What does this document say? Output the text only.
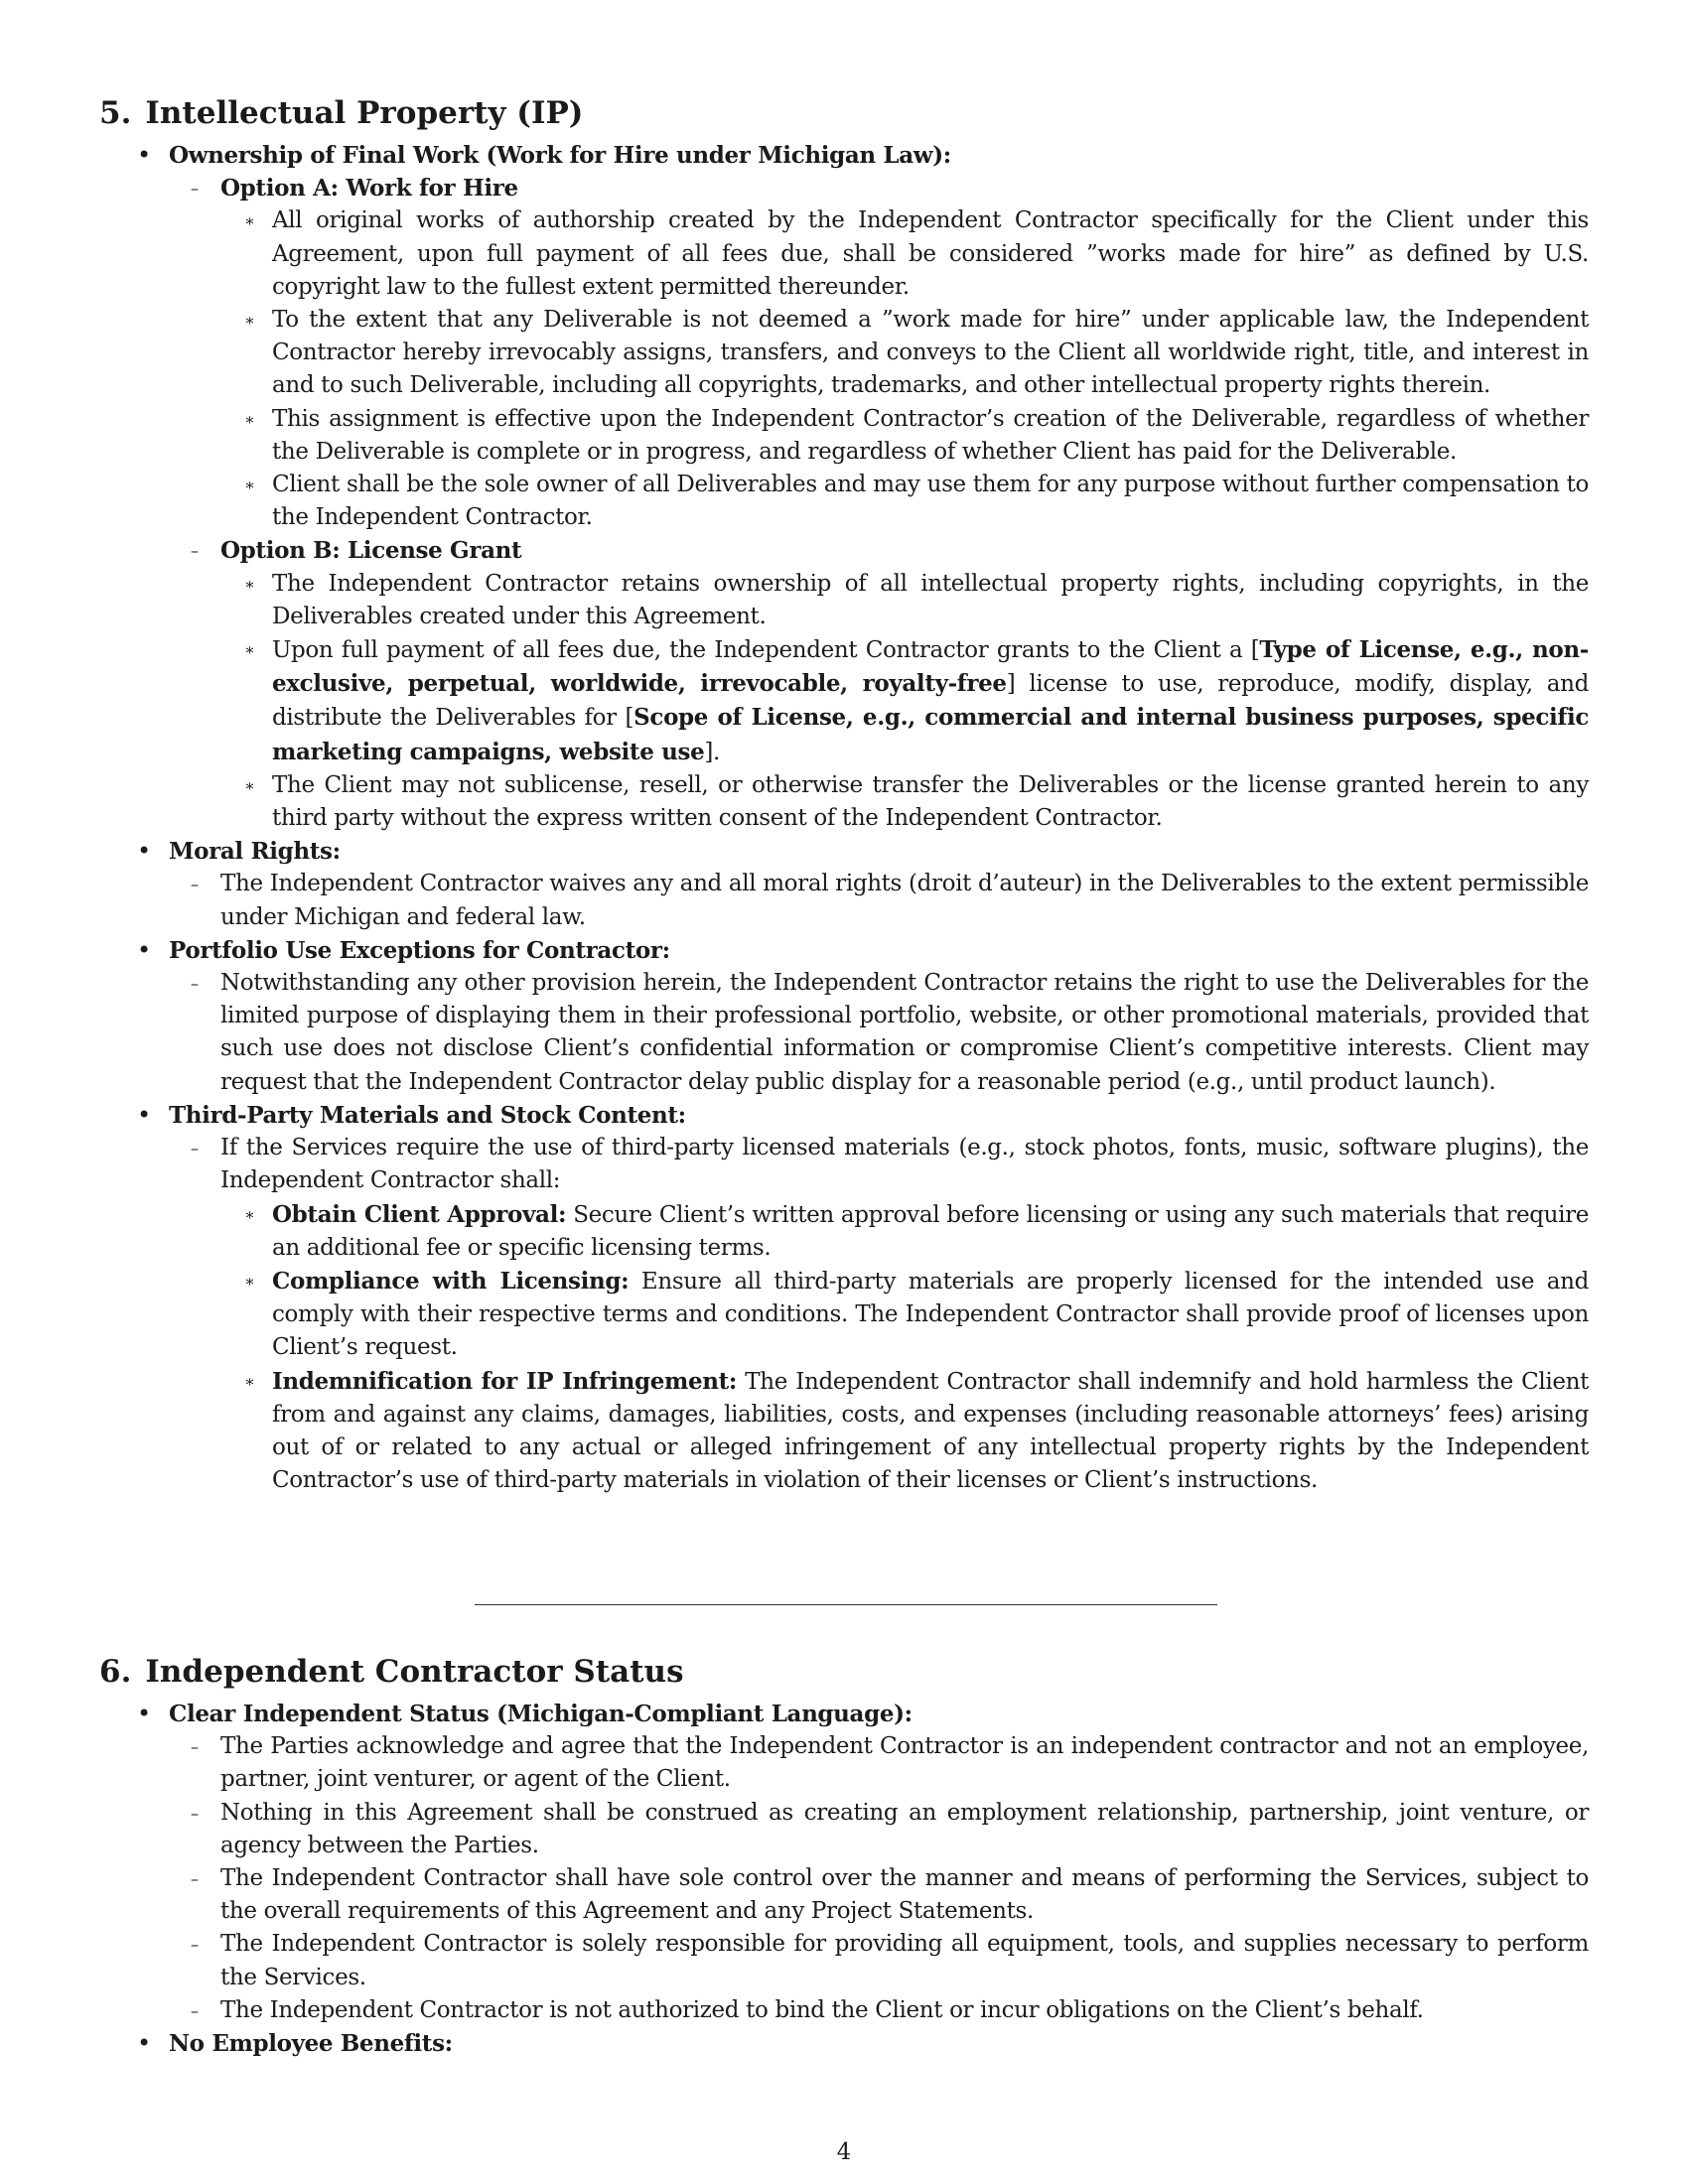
5. Intellectual Property (IP)
• Ownership of Final Work (Work for Hire under Michigan Law):
– Option A: Work for Hire
∗ All original works of authorship created by the Independent Contractor specifically for the Client under this Agreement, upon full payment of all fees due, shall be considered ”works made for hire” as defined by U.S. copyright law to the fullest extent permitted thereunder.
∗ To the extent that any Deliverable is not deemed a ”work made for hire” under applicable law, the Independent Contractor hereby irrevocably assigns, transfers, and conveys to the Client all worldwide right, title, and interest in and to such Deliverable, including all copyrights, trademarks, and other intellectual property rights therein.
∗ This assignment is effective upon the Independent Contractor’s creation of the Deliverable, regardless of whether the Deliverable is complete or in progress, and regardless of whether Client has paid for the Deliverable.
∗ Client shall be the sole owner of all Deliverables and may use them for any purpose without further compensation to the Independent Contractor.
– Option B: License Grant
∗ The Independent Contractor retains ownership of all intellectual property rights, including copyrights, in the Deliverables created under this Agreement.
∗ Upon full payment of all fees due, the Independent Contractor grants to the Client a [Type of License, e.g., non-exclusive, perpetual, worldwide, irrevocable, royalty-free] license to use, reproduce, modify, display, and distribute the Deliverables for [Scope of License, e.g., commercial and internal business purposes, specific marketing campaigns, website use].
∗ The Client may not sublicense, resell, or otherwise transfer the Deliverables or the license granted herein to any third party without the express written consent of the Independent Contractor.
• Moral Rights:
– The Independent Contractor waives any and all moral rights (droit d’auteur) in the Deliverables to the extent permissible under Michigan and federal law.
• Portfolio Use Exceptions for Contractor:
– Notwithstanding any other provision herein, the Independent Contractor retains the right to use the Deliverables for the limited purpose of displaying them in their professional portfolio, website, or other promotional materials, provided that such use does not disclose Client’s confidential information or compromise Client’s competitive interests. Client may request that the Independent Contractor delay public display for a reasonable period (e.g., until product launch).
• Third-Party Materials and Stock Content:
– If the Services require the use of third-party licensed materials (e.g., stock photos, fonts, music, software plugins), the Independent Contractor shall:
∗ Obtain Client Approval: Secure Client’s written approval before licensing or using any such materials that require an additional fee or specific licensing terms.
∗ Compliance with Licensing: Ensure all third-party materials are properly licensed for the intended use and comply with their respective terms and conditions. The Independent Contractor shall provide proof of licenses upon Client’s request.
∗ Indemnification for IP Infringement: The Independent Contractor shall indemnify and hold harmless the Client from and against any claims, damages, liabilities, costs, and expenses (including reasonable attorneys’ fees) arising out of or related to any actual or alleged infringement of any intellectual property rights by the Independent Contractor’s use of third-party materials in violation of their licenses or Client’s instructions.
6. Independent Contractor Status
• Clear Independent Status (Michigan-Compliant Language):
– The Parties acknowledge and agree that the Independent Contractor is an independent contractor and not an employee, partner, joint venturer, or agent of the Client.
– Nothing in this Agreement shall be construed as creating an employment relationship, partnership, joint venture, or agency between the Parties.
– The Independent Contractor shall have sole control over the manner and means of performing the Services, subject to the overall requirements of this Agreement and any Project Statements.
– The Independent Contractor is solely responsible for providing all equipment, tools, and supplies necessary to perform the Services.
– The Independent Contractor is not authorized to bind the Client or incur obligations on the Client’s behalf.
• No Employee Benefits:
4
